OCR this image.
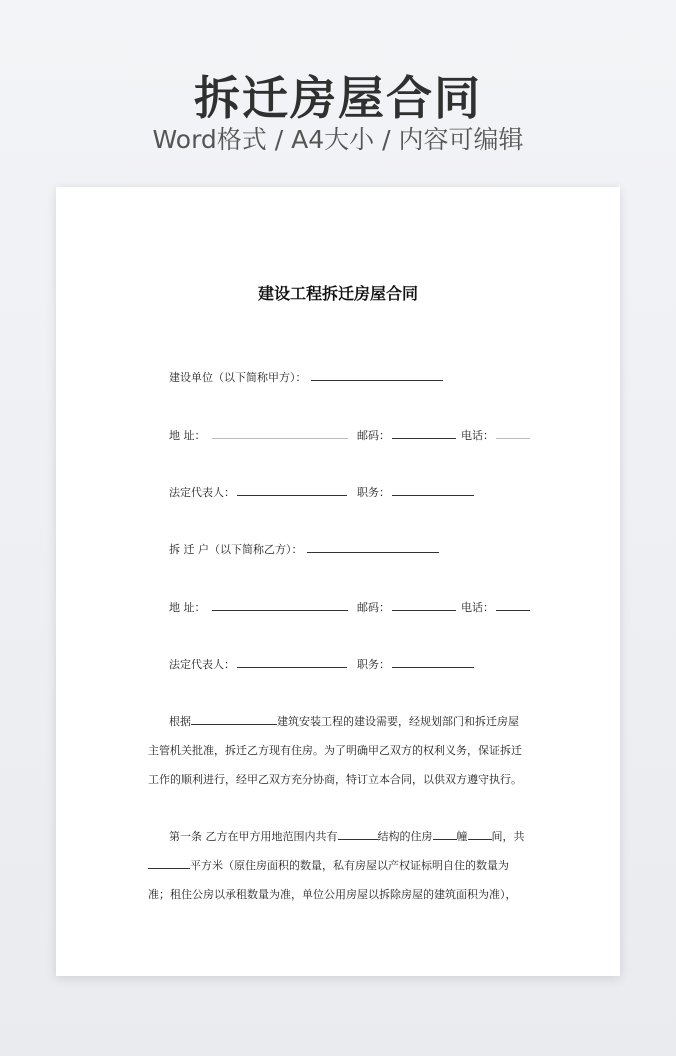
拆迁房屋合同
Word格式 / A4大小 / 内容可编辑
建设工程拆迁房屋合同
建设单位（以下简称甲方）：
地 址：	邮码：	电话：
法定代表人：	职务：
拆 迁 户（以下简称乙方）：
地 址：	邮码：	电话：
法定代表人：	职务：
根据	建筑安装工程的建设需要，经规划部门和拆迁房屋
主管机关批准，拆迁乙方现有住房。为了明确甲乙双方的权利义务，保证拆迁
工作的顺利进行，经甲乙双方充分协商，特订立本合同，以供双方遵守执行。
第一条 乙方在甲方用地范围内共有	结构的住房 幢 间，共
平方米（原住房面积的数量，私有房屋以产权证标明自住的数量为
准；租住公房以承租数量为准，单位公用房屋以拆除房屋的建筑面积为准），
